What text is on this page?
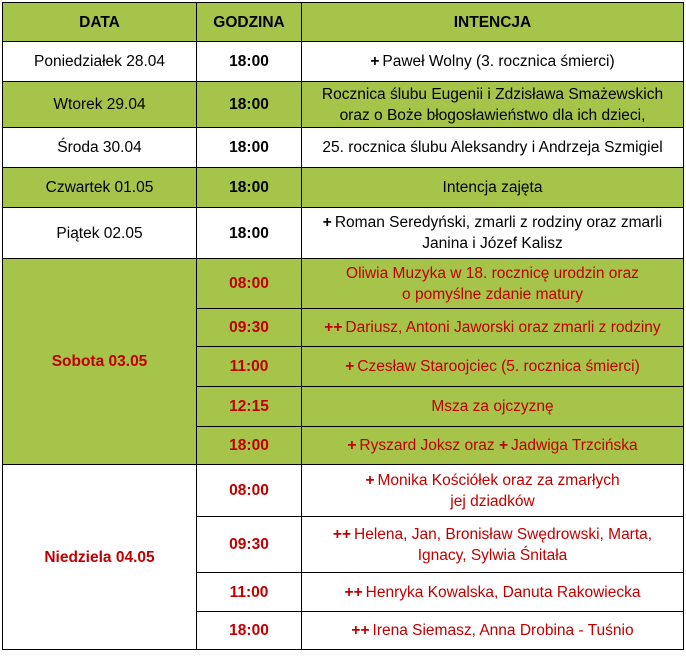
DATA	GODZINA	INTENCJA
Poniedziałek 28.04	18:00	+ Paweł Wolny (3. rocznica śmierci)
Wtorek 29.04	18:00	Rocznica ślubu Eugenii i Zdzisława Smażewskich
oraz o Boże błogosławieństwo dla ich dzieci,

Środa 30.04	18:00	25. rocznica ślubu Aleksandry i Andrzeja Szmigiel
Czwartek 01.05	18:00	Intencja zajęta
Piątek 02.05	18:00	+ Roman Seredyński, zmarli z rodziny oraz zmarli
Janina i Józef Kalisz

Sobota 03.05	08:00	Oliwia Muzyka w 18. rocznicę urodzin oraz
o pomyślne zdanie matury

	09:30	++ Dariusz, Antoni Jaworski oraz zmarli z rodziny
	11:00	+ Czesław Staroojciec (5. rocznica śmierci)
	12:15	Msza za ojczyznę
	18:00	+ Ryszard Joksz oraz + Jadwiga Trzcińska
Niedziela 04.05	08:00	+ Monika Kościółek oraz za zmarłych
jej dziadków

	09:30	++ Helena, Jan, Bronisław Swędrowski, Marta,
Ignacy, Sylwia Śnitała

	11:00	++ Henryka Kowalska, Danuta Rakowiecka
	18:00	++ Irena Siemasz, Anna Drobina - Tuśnio
